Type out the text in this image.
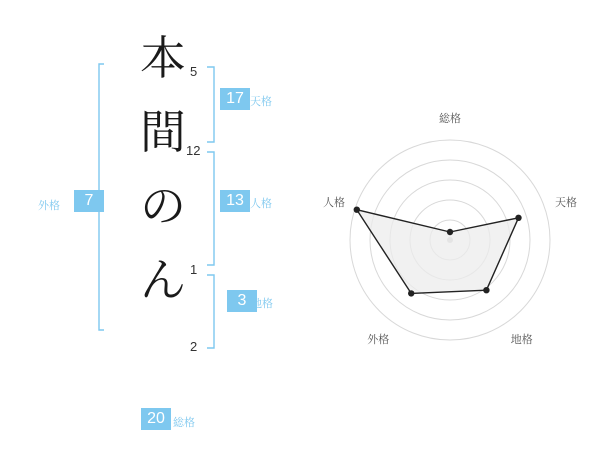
本
間
の
ん
5
12
1
2
17 天格
13 人格
3 地格
外格	7
20 総格
総格
天格
地格
外格
人格
